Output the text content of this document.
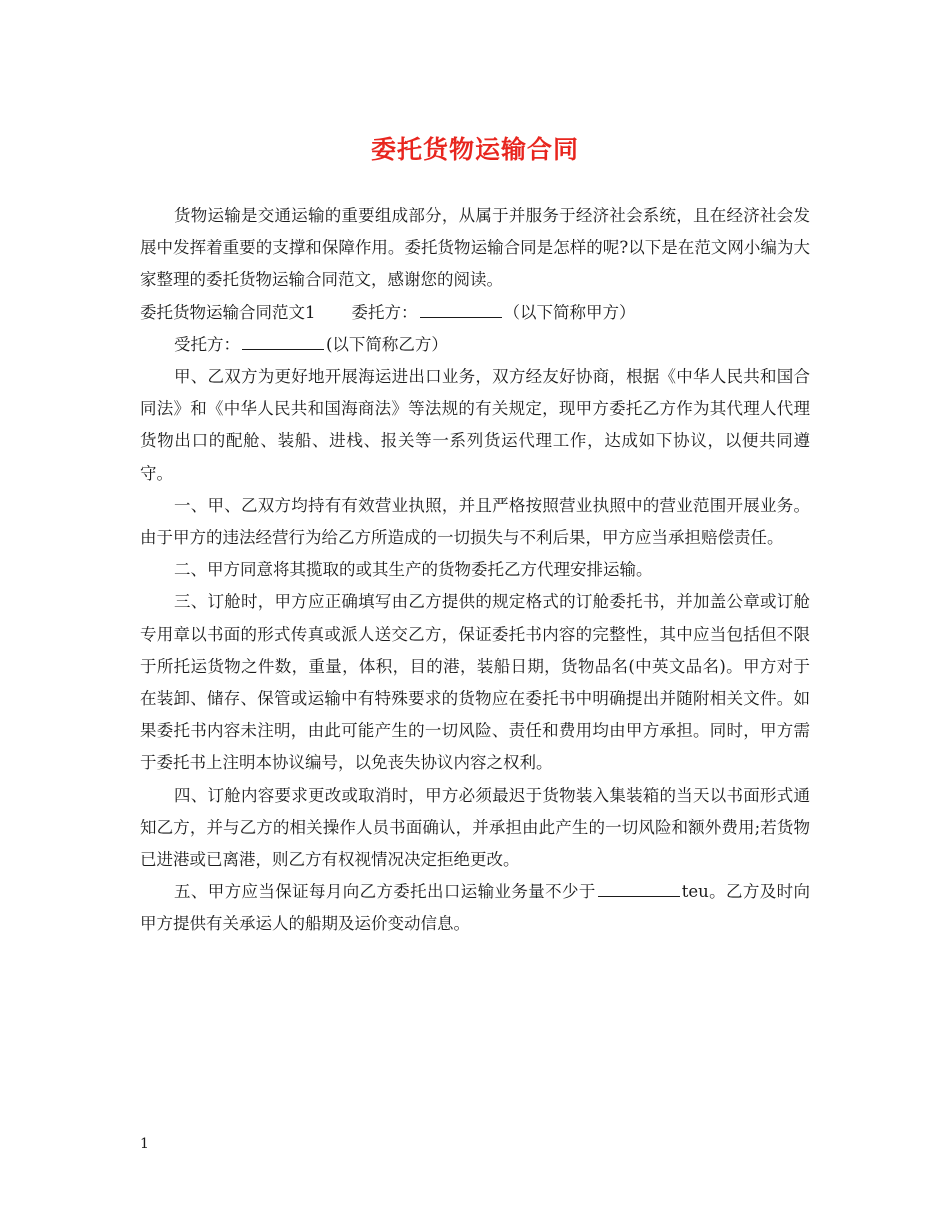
委托货物运输合同

货物运输是交通运输的重要组成部分，从属于并服务于经济社会系统，且在经济社会发展中发挥着重要的支撑和保障作用。委托货物运输合同是怎样的呢?以下是在范文网小编为大家整理的委托货物运输合同范文，感谢您的阅读。

委托货物运输合同范文1 委托方：	（以下简称甲方）

受托方：	(以下简称乙方）

甲、乙双方为更好地开展海运进出口业务，双方经友好协商，根据《中华人民共和国合同法》和《中华人民共和国海商法》等法规的有关规定，现甲方委托乙方作为其代理人代理货物出口的配舱、装船、进栈、报关等一系列货运代理工作，达成如下协议，以便共同遵守。

一、甲、乙双方均持有有效营业执照，并且严格按照营业执照中的营业范围开展业务。由于甲方的违法经营行为给乙方所造成的一切损失与不利后果，甲方应当承担赔偿责任。

二、甲方同意将其揽取的或其生产的货物委托乙方代理安排运输。

三、订舱时，甲方应正确填写由乙方提供的规定格式的订舱委托书，并加盖公章或订舱专用章以书面的形式传真或派人送交乙方，保证委托书内容的完整性，其中应当包括但不限于所托运货物之件数，重量，体积，目的港，装船日期，货物品名(中英文品名)。甲方对于在装卸、储存、保管或运输中有特殊要求的货物应在委托书中明确提出并随附相关文件。如果委托书内容未注明，由此可能产生的一切风险、责任和费用均由甲方承担。同时，甲方需于委托书上注明本协议编号，以免丧失协议内容之权利。

四、订舱内容要求更改或取消时，甲方必须最迟于货物装入集装箱的当天以书面形式通知乙方，并与乙方的相关操作人员书面确认，并承担由此产生的一切风险和额外费用;若货物已进港或已离港，则乙方有权视情况决定拒绝更改。

五、甲方应当保证每月向乙方委托出口运输业务量不少于	teu。乙方及时向甲方提供有关承运人的船期及运价变动信息。

1
